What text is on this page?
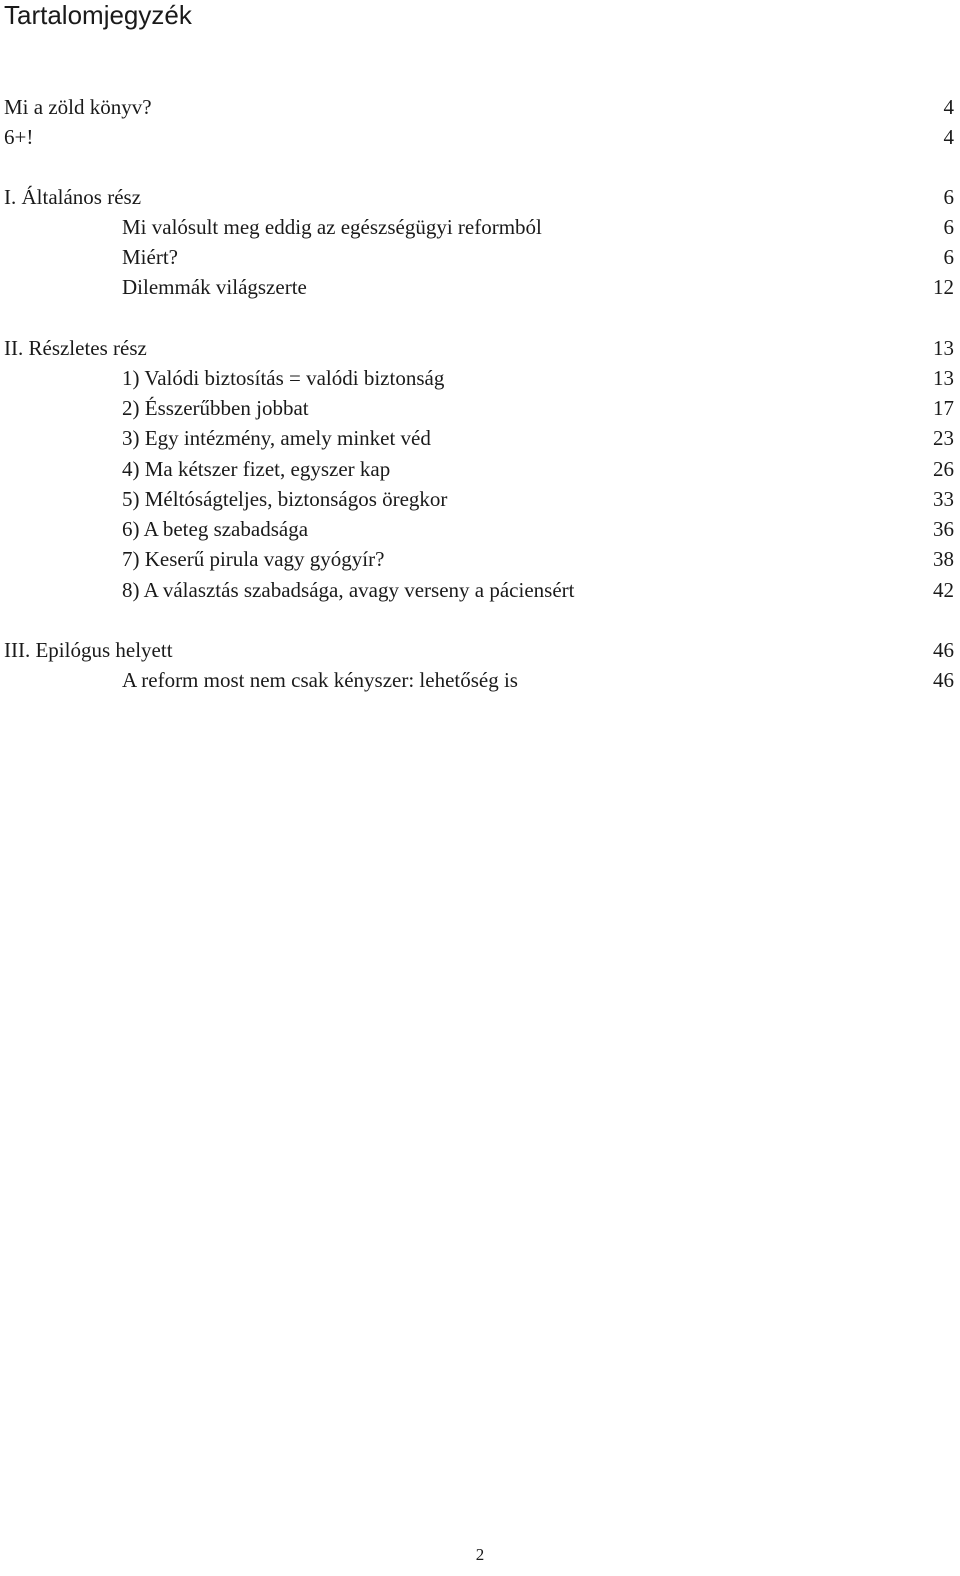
Tartalomjegyzék
Mi a zöld könyv?	4
6+!	4
I. Általános rész	6
Mi valósult meg eddig az egészségügyi reformból	6
Miért?	6
Dilemmák világszerte	12
II. Részletes rész	13
1) Valódi biztosítás = valódi biztonság	13
2) Ésszerűbben jobbat	17
3) Egy intézmény, amely minket véd	23
4) Ma kétszer fizet, egyszer kap	26
5) Méltóságteljes, biztonságos öregkor	33
6) A beteg szabadsága	36
7) Keserű pirula vagy gyógyír?	38
8) A választás szabadsága, avagy verseny a páciensért	42
III. Epilógus helyett	46
A reform most nem csak kényszer: lehetőség is	46
2
